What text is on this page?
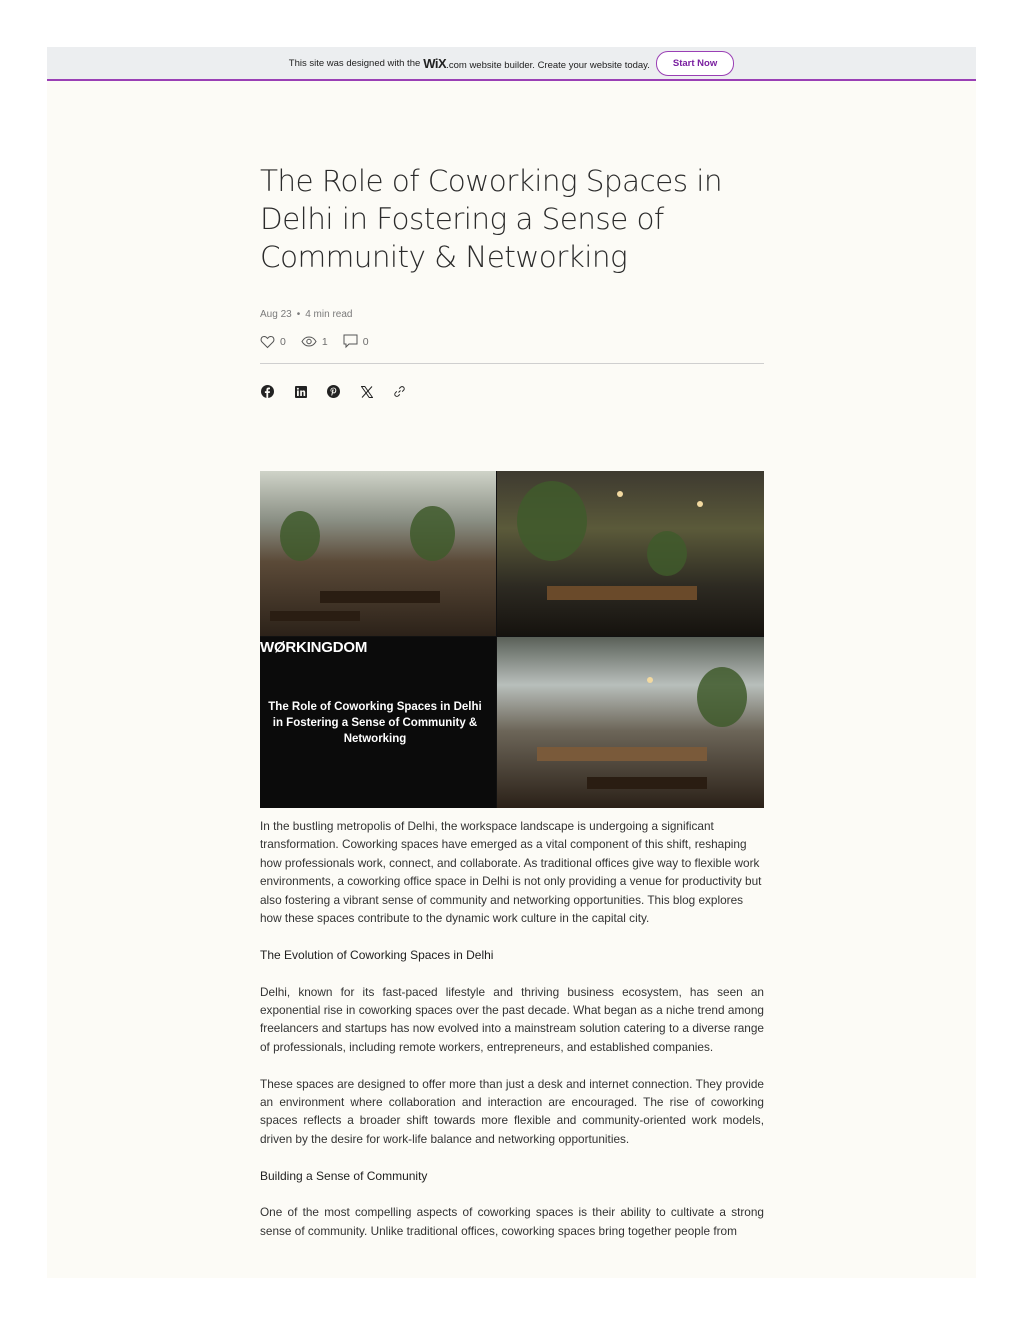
This site was designed with the WiX .com website builder. Create your website today.	Start Now
The Role of Coworking Spaces in Delhi in Fostering a Sense of Community & Networking
Aug 23 • 4 min read
0	1	0
WØRKINGDOM
The Role of Coworking Spaces in Delhi in Fostering a Sense of Community & Networking

In the bustling metropolis of Delhi, the workspace landscape is undergoing a significant transformation. Coworking spaces have emerged as a vital component of this shift, reshaping how professionals work, connect, and collaborate. As traditional offices give way to flexible work environments, a coworking office space in Delhi is not only providing a venue for productivity but also fostering a vibrant sense of community and networking opportunities. This blog explores how these spaces contribute to the dynamic work culture in the capital city.

The Evolution of Coworking Spaces in Delhi

Delhi, known for its fast-paced lifestyle and thriving business ecosystem, has seen an exponential rise in coworking spaces over the past decade. What began as a niche trend among freelancers and startups has now evolved into a mainstream solution catering to a diverse range of professionals, including remote workers, entrepreneurs, and established companies.

These spaces are designed to offer more than just a desk and internet connection. They provide an environment where collaboration and interaction are encouraged. The rise of coworking spaces reflects a broader shift towards more flexible and community-oriented work models, driven by the desire for work-life balance and networking opportunities.

Building a Sense of Community

One of the most compelling aspects of coworking spaces is their ability to cultivate a strong sense of community. Unlike traditional offices, coworking spaces bring together people from
